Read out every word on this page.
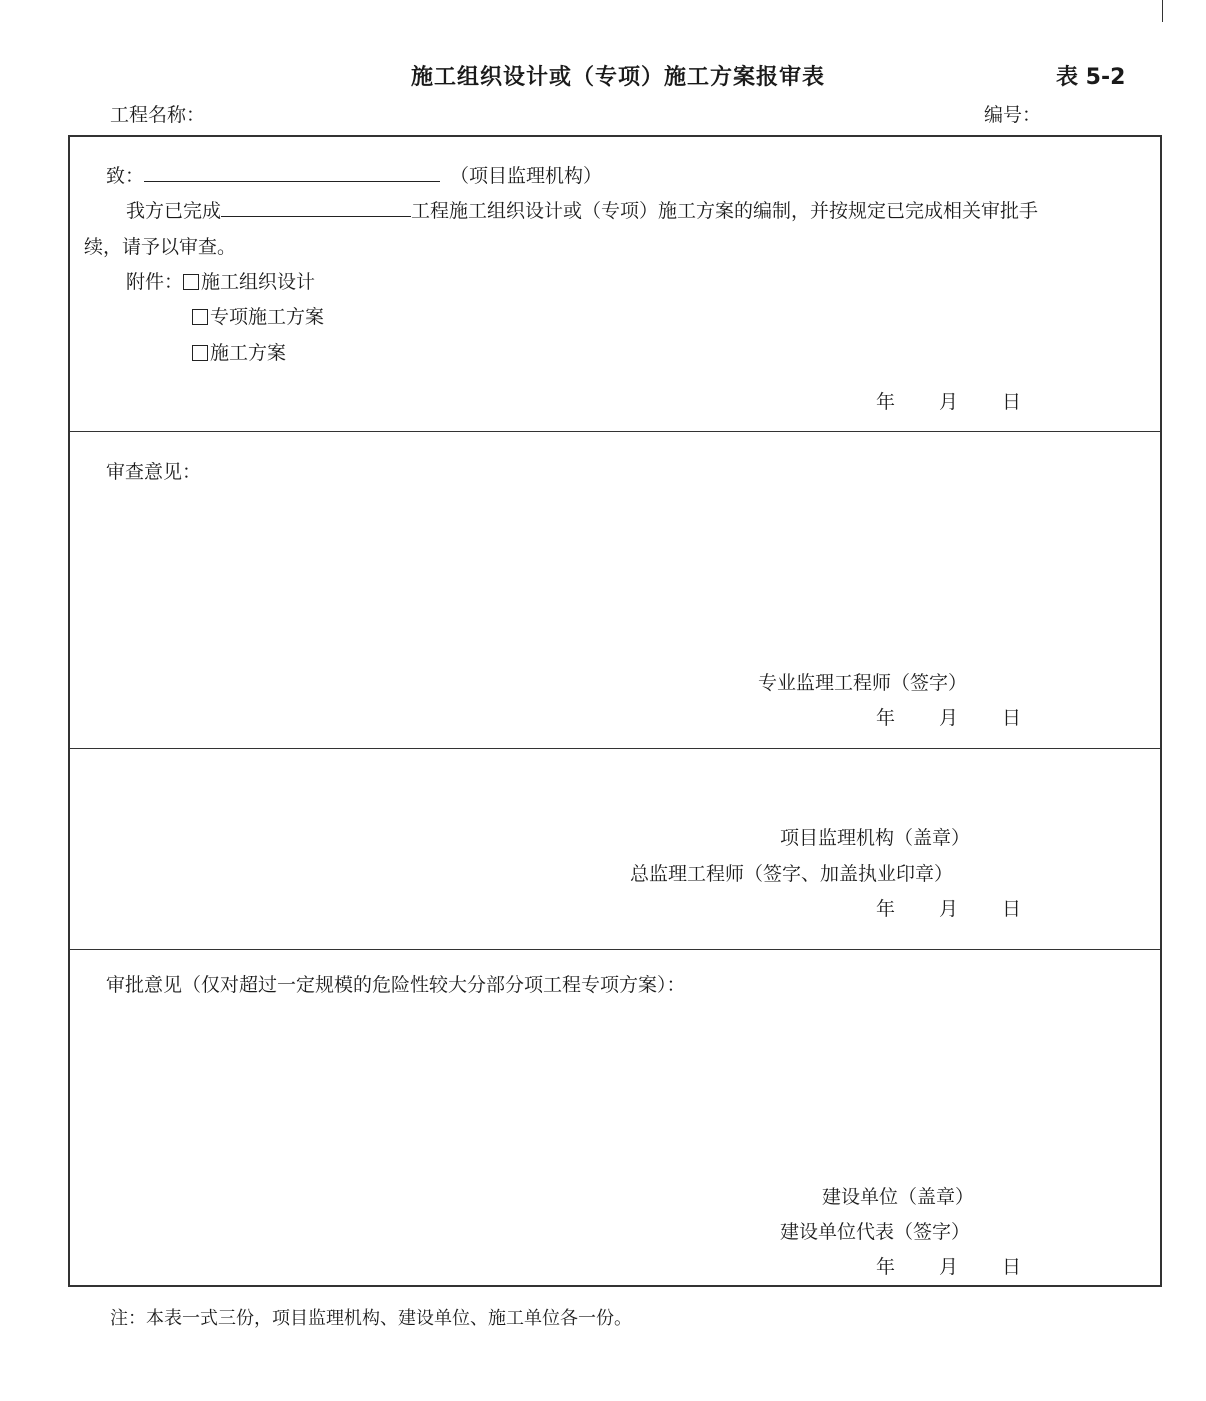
施工组织设计或（专项）施工方案报审表	表 5-2
工程名称：	编号：
致：	（项目监理机构）
我方已完成	工程施工组织设计或（专项）施工方案的编制，并按规定已完成相关审批手
续，请予以审查。
附件： 施工组织设计
专项施工方案
施工方案
年 月 日
审查意见：
专业监理工程师（签字）
年 月 日
项目监理机构（盖章）
总监理工程师（签字、加盖执业印章）
年 月 日
审批意见（仅对超过一定规模的危险性较大分部分项工程专项方案）：
建设单位（盖章）
建设单位代表（签字）
年 月 日
注：本表一式三份，项目监理机构、建设单位、施工单位各一份。
